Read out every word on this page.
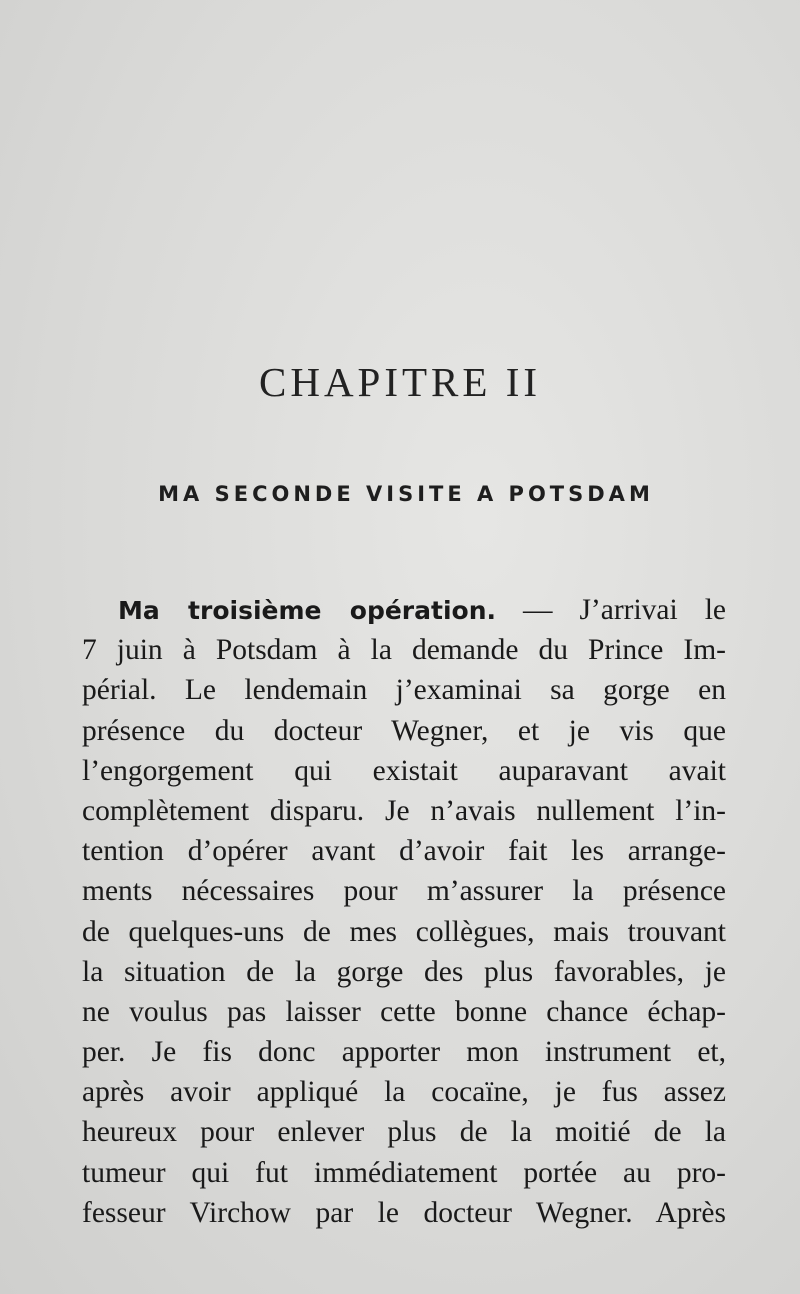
CHAPITRE II
MA SECONDE VISITE A POTSDAM
Ma troisième opération. — J’arrivai le
7 juin à Potsdam à la demande du Prince Im-
périal. Le lendemain j’examinai sa gorge en
présence du docteur Wegner, et je vis que
l’engorgement qui existait auparavant avait
complètement disparu. Je n’avais nullement l’in-
tention d’opérer avant d’avoir fait les arrange-
ments nécessaires pour m’assurer la présence
de quelques-uns de mes collègues, mais trouvant
la situation de la gorge des plus favorables, je
ne voulus pas laisser cette bonne chance échap-
per. Je fis donc apporter mon instrument et,
après avoir appliqué la cocaïne, je fus assez
heureux pour enlever plus de la moitié de la
tumeur qui fut immédiatement portée au pro-
fesseur Virchow par le docteur Wegner. Après
